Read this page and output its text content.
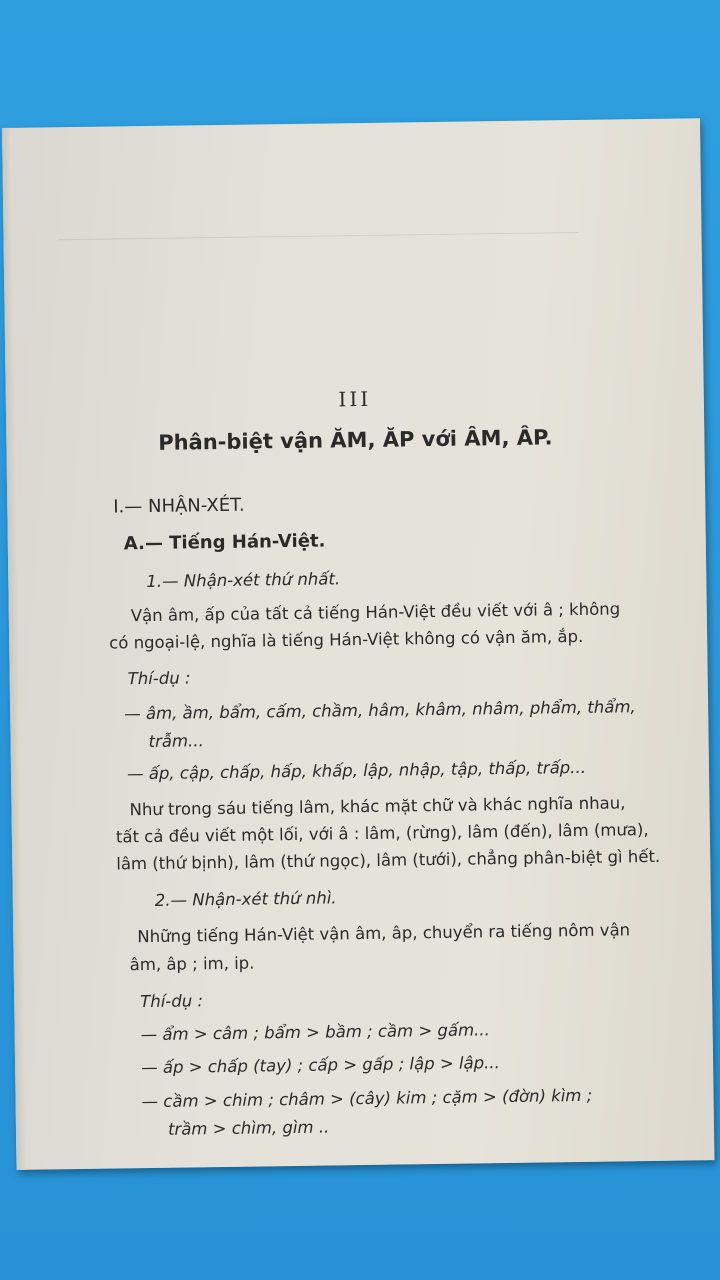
III
Phân-biệt vận ĂM, ĂP với ÂM, ÂP.
I.— NHẬN-XÉT.
A.— Tiếng Hán-Việt.
1.— Nhận-xét thứ nhất.
Vận âm, ấp của tất cả tiếng Hán-Việt đều viết với â ; không
có ngoại-lệ, nghĩa là tiếng Hán-Việt không có vận ăm, ắp.
Thí-dụ :
— âm, ầm, bẩm, cấm, chầm, hâm, khâm, nhâm, phẩm, thẩm,
trẫm...
— ấp, cập, chấp, hấp, khấp, lập, nhập, tập, thấp, trấp...
Như trong sáu tiếng lâm, khác mặt chữ và khác nghĩa nhau,
tất cả đều viết một lối, với â : lâm, (rừng), lâm (đến), lâm (mưa),
lâm (thứ bịnh), lâm (thứ ngọc), lâm (tưới), chẳng phân-biệt gì hết.
2.— Nhận-xét thứ nhì.
Những tiếng Hán-Việt vận âm, âp, chuyển ra tiếng nôm vận
âm, âp ; im, ip.
Thí-dụ :
— ẩm > câm ; bẩm > bầm ; cầm > gấm...
— ấp > chấp (tay) ; cấp > gấp ; lập > lập...
— cầm > chim ; châm > (cây) kim ; cặm > (đờn) kìm ;
trầm > chìm, gìm ..
